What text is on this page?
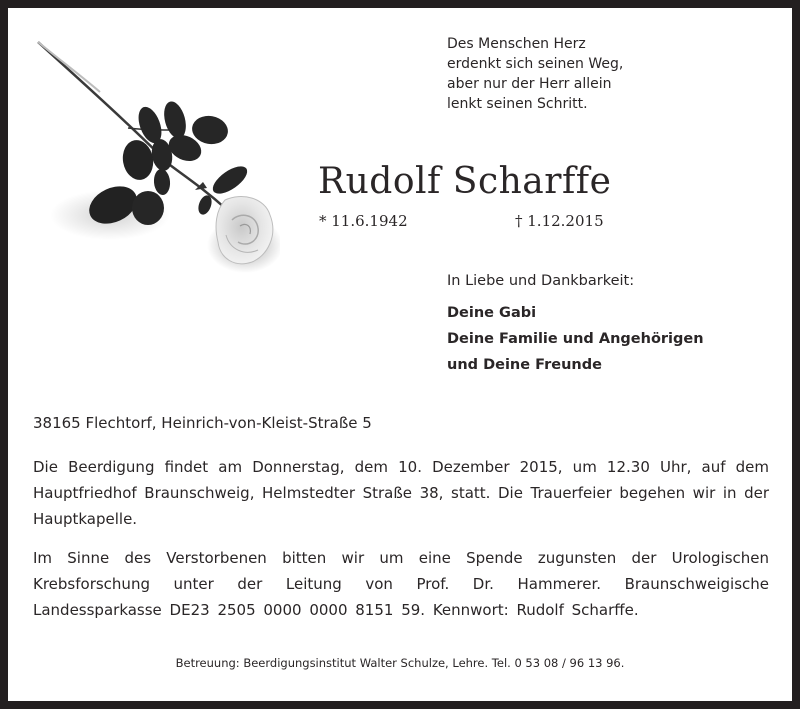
Des Menschen Herz
erdenkt sich seinen Weg,
aber nur der Herr allein
lenkt seinen Schritt.
Rudolf Scharffe
* 11.6.1942	† 1.12.2015
In Liebe und Dankbarkeit:
Deine Gabi
Deine Familie und Angehörigen
und Deine Freunde
38165 Flechtorf, Heinrich-von-Kleist-Straße 5
Die Beerdigung findet am Donnerstag, dem 10. Dezember 2015, um 12.30 Uhr, auf dem Hauptfriedhof Braunschweig, Helmstedter Straße 38, statt. Die Trauerfeier begehen wir in der Hauptkapelle.
Im Sinne des Verstorbenen bitten wir um eine Spende zugunsten der Urologischen Krebsforschung unter der Leitung von Prof. Dr. Hammerer. Braunschweigische Landessparkasse DE23 2505 0000 0000 8151 59. Kennwort: Rudolf Scharffe.
Betreuung: Beerdigungsinstitut Walter Schulze, Lehre. Tel. 0 53 08 / 96 13 96.
